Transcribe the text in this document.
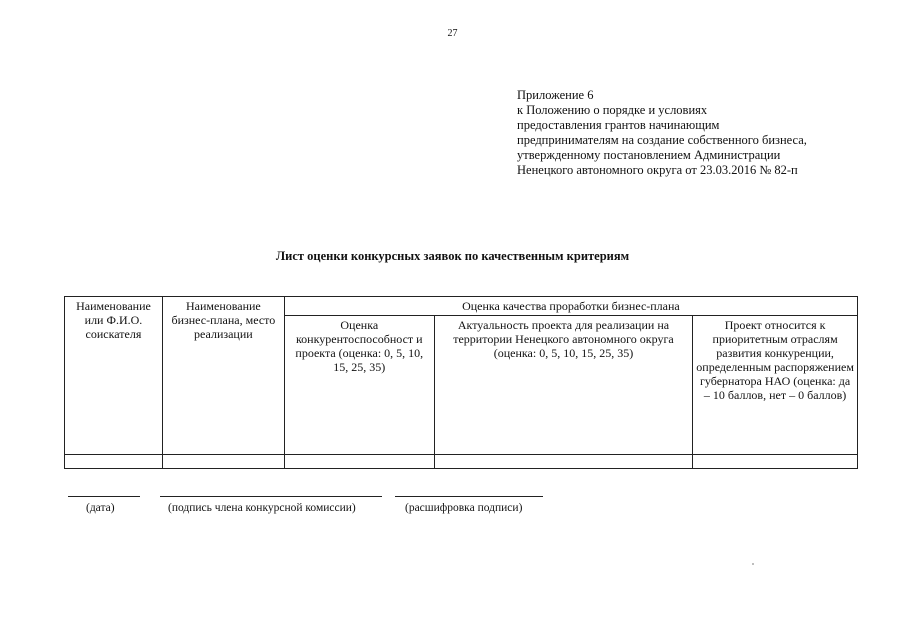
27
Приложение 6
к Положению о порядке и условиях
предоставления грантов начинающим
предпринимателям на создание собственного бизнеса,
утвержденному постановлением Администрации
Ненецкого автономного округа от 23.03.2016 № 82-п
Лист оценки конкурсных заявок по качественным критериям
Наименование или Ф.И.О. соискателя	Наименование бизнес-плана, место реализации	Оценка качества проработки бизнес-плана		
		Оценка конкурентоспособност и проекта (оценка: 0, 5, 10, 15, 25, 35)	Актуальность проекта для реализации на территории Ненецкого автономного округа (оценка: 0, 5, 10, 15, 25, 35)	Проект относится к приоритетным отраслям развития конкуренции, определенным распоряжением губернатора НАО (оценка: да – 10 баллов, нет – 0 баллов)

(дата)	(подпись члена конкурсной комиссии)	(расшифровка подписи)
